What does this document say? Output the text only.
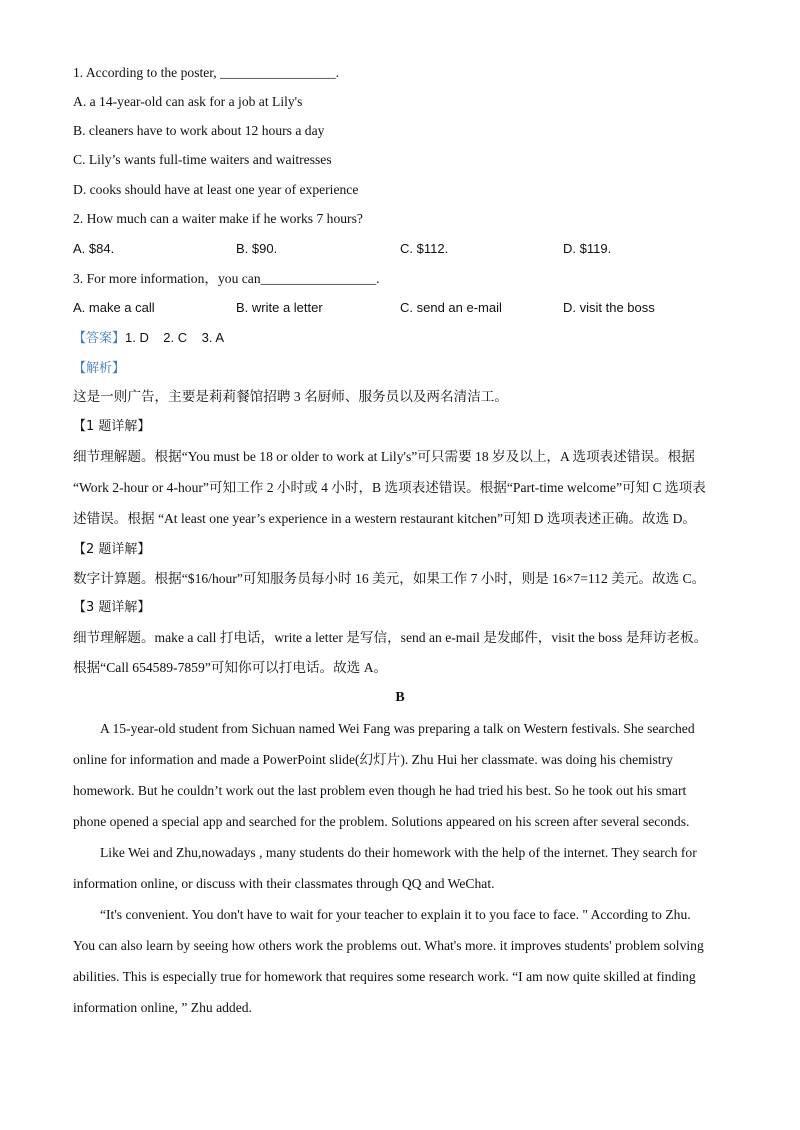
1. According to the poster, _________________.
A. a 14-year-old can ask for a job at Lily's
B. cleaners have to work about 12 hours a day
C. Lily’s wants full-time waiters and waitresses
D. cooks should have at least one year of experience
2. How much can a waiter make if he works 7 hours?
A. $84.	B. $90.	C. $112.	D. $119.
3. For more information，you can_________________.
A. make a call	B. write a letter	C. send an e-mail	D. visit the boss
【答案】1. D    2. C    3. A
【解析】
这是一则广告，主要是莉莉餐馆招聘 3 名厨师、服务员以及两名清洁工。
【1 题详解】
细节理解题。根据“You must be 18 or older to work at Lily's”可只需要 18 岁及以上，A 选项表述错误。根据
“Work 2-hour or 4-hour”可知工作 2 小时或 4 小时，B 选项表述错误。根据“Part-time welcome”可知 C 选项表
述错误。根据 “At least one year’s experience in a western restaurant kitchen”可知 D 选项表述正确。故选 D。
【2 题详解】
数字计算题。根据“$16/hour”可知服务员每小时 16 美元，如果工作 7 小时，则是 16×7=112 美元。故选 C。
【3 题详解】
细节理解题。make a call 打电话，write a letter 是写信，send an e-mail 是发邮件，visit the boss 是拜访老板。
根据“Call 654589-7859”可知你可以打电话。故选 A。
B
A 15-year-old student from Sichuan named Wei Fang was preparing a talk on Western festivals. She searched
online for information and made a PowerPoint slide(幻灯片). Zhu Hui her classmate. was doing his chemistry
homework. But he couldn’t work out the last problem even though he had tried his best. So he took out his smart
phone opened a special app and searched for the problem. Solutions appeared on his screen after several seconds.
Like Wei and Zhu,nowadays , many students do their homework with the help of the internet. They search for
information online, or discuss with their classmates through QQ and WeChat.
“It's convenient. You don't have to wait for your teacher to explain it to you face to face. " According to Zhu.
You can also learn by seeing how others work the problems out. What's more. it improves students' problem solving
abilities. This is especially true for homework that requires some research work. “I am now quite skilled at finding
information online, ” Zhu added.
